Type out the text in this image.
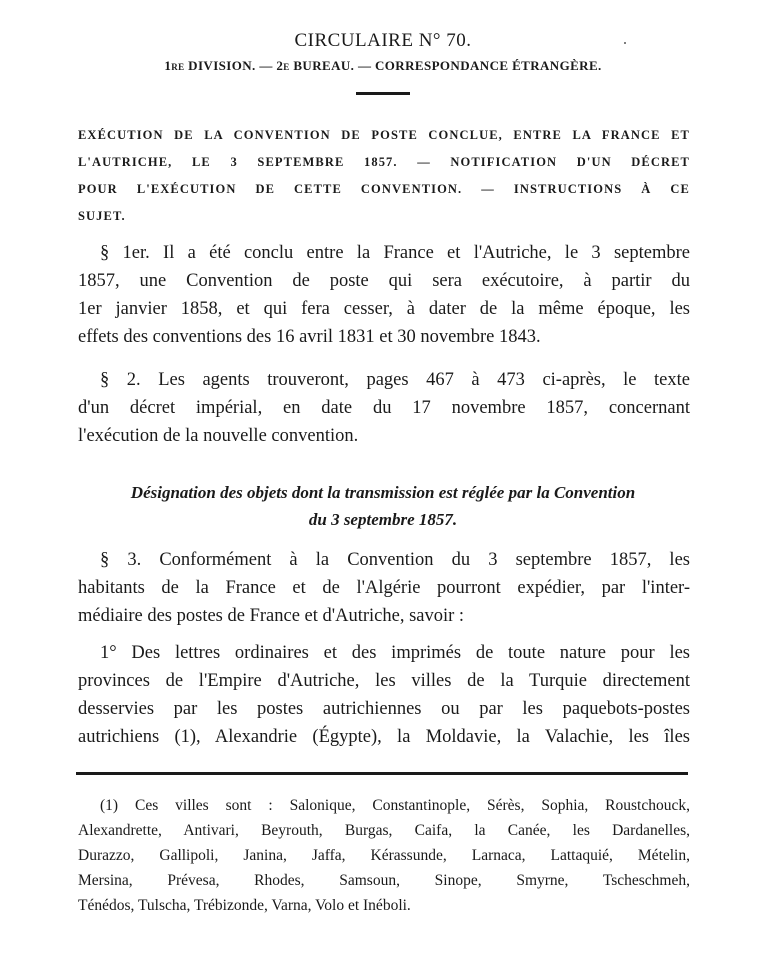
CIRCULAIRE N° 70.
1re DIVISION. — 2e BUREAU. — CORRESPONDANCE ÉTRANGÈRE.
EXÉCUTION DE LA CONVENTION DE POSTE CONCLUE, ENTRE LA FRANCE ET
L'AUTRICHE, LE 3 SEPTEMBRE 1857. — NOTIFICATION D'UN DÉCRET
POUR L'EXÉCUTION DE CETTE CONVENTION. — INSTRUCTIONS À CE
SUJET.
§ 1er. Il a été conclu entre la France et l'Autriche, le 3 septembre
1857, une Convention de poste qui sera exécutoire, à partir du
1er janvier 1858, et qui fera cesser, à dater de la même époque, les
effets des conventions des 16 avril 1831 et 30 novembre 1843.
§ 2. Les agents trouveront, pages 467 à 473 ci-après, le texte
d'un décret impérial, en date du 17 novembre 1857, concernant
l'exécution de la nouvelle convention.
Désignation des objets dont la transmission est réglée par la Convention
du 3 septembre 1857.
§ 3. Conformément à la Convention du 3 septembre 1857, les
habitants de la France et de l'Algérie pourront expédier, par l'inter-
médiaire des postes de France et d'Autriche, savoir :
1° Des lettres ordinaires et des imprimés de toute nature pour les
provinces de l'Empire d'Autriche, les villes de la Turquie directement
desservies par les postes autrichiennes ou par les paquebots-postes
autrichiens (1), Alexandrie (Égypte), la Moldavie, la Valachie, les îles
(1) Ces villes sont : Salonique, Constantinople, Sérès, Sophia, Roustchouck,
Alexandrette, Antivari, Beyrouth, Burgas, Caifa, la Canée, les Dardanelles,
Durazzo, Gallipoli, Janina, Jaffa, Kérassunde, Larnaca, Lattaquié, Mételin,
Mersina, Prévesa, Rhodes, Samsoun, Sinope, Smyrne, Tscheschmeh,
Ténédos, Tulscha, Trébizonde, Varna, Volo et Inéboli.
